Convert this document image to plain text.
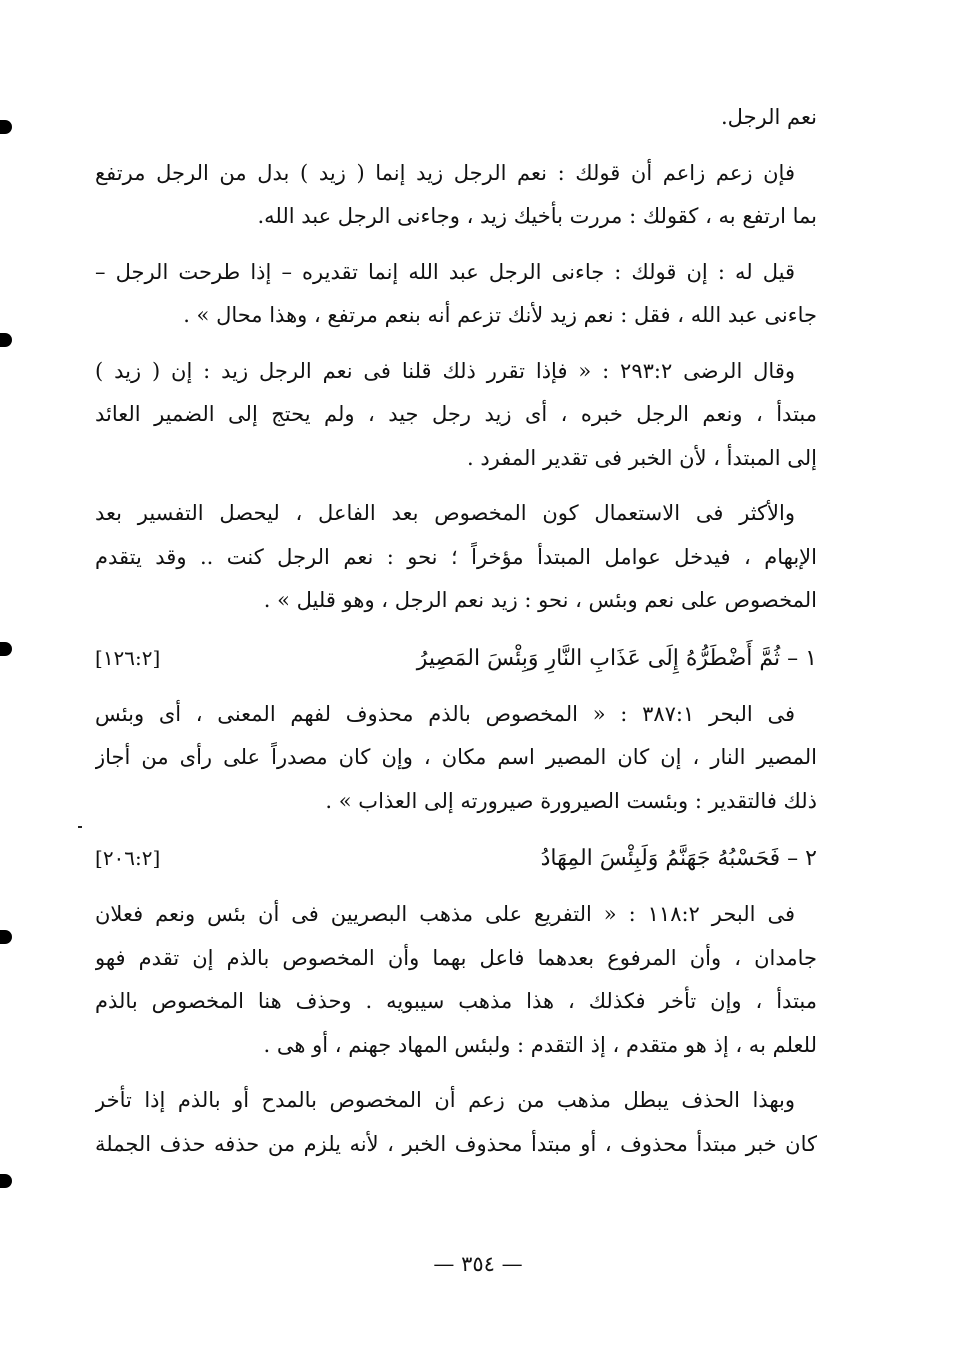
نعم الرجل.
فإن زعم زاعم أن قولك : نعم الرجل زيد إنما ( زيد ) بدل من الرجل مرتفع
بما ارتفع به ، كقولك : مررت بأخيك زيد ، وجاءنى الرجل عبد الله.
قيل له : إن قولك : جاءنى الرجل عبد الله إنما تقديره – إذا طرحت الرجل –
جاءنى عبد الله ، فقل : نعم زيد لأنك تزعم أنه بنعم مرتفع ، وهذا محال » .
وقال الرضى ٢٩٣:٢ : « فإذا تقرر ذلك قلنا فى نعم الرجل زيد : إن ( زيد )
مبتدأ ، ونعم الرجل خبره ، أى زيد رجل جيد ، ولم يحتج إلى الضمير العائد
إلى المبتدأ ، لأن الخبر فى تقدير المفرد .
والأكثر فى الاستعمال كون المخصوص بعد الفاعل ، ليحصل التفسير بعد
الإبهام ، فيدخل عوامل المبتدأ مؤخراً ؛ نحو : نعم الرجل كنت .. وقد يتقدم
المخصوص على نعم وبئس ، نحو : زيد نعم الرجل ، وهو قليل » .
١ – ثُمَّ أَضْطَرُّهُ إِلَى عَذَابِ النَّارِ وَبِئْسَ المَصِيرُ
[١٢٦:٢]
فى البحر ٣٨٧:١ : « المخصوص بالذم محذوف لفهم المعنى ، أى وبئس
المصير النار ، إن كان المصير اسم مكان ، وإن كان مصدراً على رأى من أجاز
ذلك فالتقدير : وبئست الصيرورة صيرورته إلى العذاب » .
٢ – فَحَسْبُهُ جَهَنَّمُ وَلَبِئْسَ المِهَادُ
[٢٠٦:٢]
فى البحر ١١٨:٢ : « التفريع على مذهب البصريين فى أن بئس ونعم فعلان
جامدان ، وأن المرفوع بعدهما فاعل بهما وأن المخصوص بالذم إن تقدم فهو
مبتدأ ، وإن تأخر فكذلك ، هذا مذهب سيبويه . وحذف هنا المخصوص بالذم
للعلم به ، إذ هو متقدم ، إذ التقدم : ولبئس المهاد جهنم ، أو هى .
وبهذا الحذف يبطل مذهب من زعم أن المخصوص بالمدح أو بالذم إذا تأخر
كان خبر مبتدأ محذوف ، أو مبتدأ محذوف الخبر ، لأنه يلزم من حذفه حذف الجملة
— ٣٥٤ —
